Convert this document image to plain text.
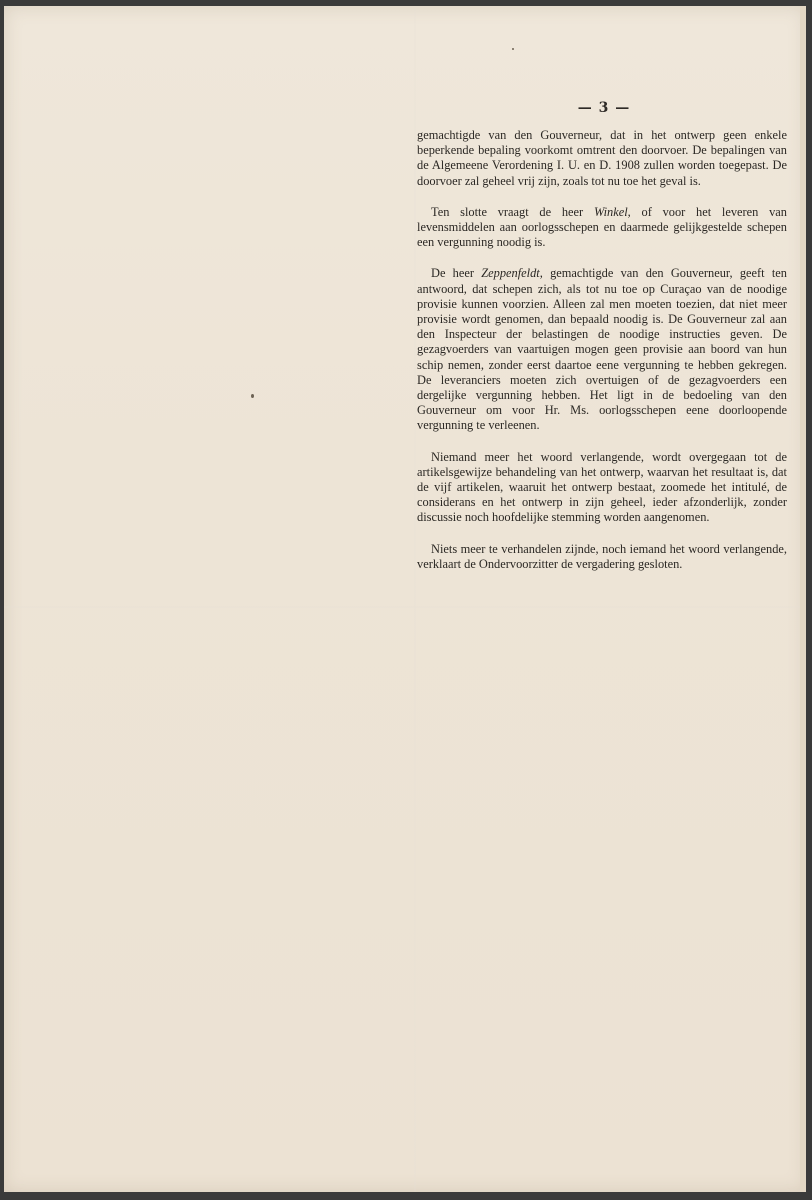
— 3 —

gemachtigde van den Gouverneur, dat in het ontwerp geen enkele beperkende bepaling voorkomt omtrent den doorvoer. De bepalingen van de Algemeene Verordening I. U. en D. 1908 zullen worden toegepast. De doorvoer zal geheel vrij zijn, zoals tot nu toe het geval is.

Ten slotte vraagt de heer Winkel, of voor het leveren van levensmiddelen aan oorlogsschepen en daarmede gelijkgestelde schepen een vergunning noodig is.

De heer Zeppenfeldt, gemachtigde van den Gouverneur, geeft ten antwoord, dat schepen zich, als tot nu toe op Curaçao van de noodige provisie kunnen voorzien. Alleen zal men moeten toezien, dat niet meer provisie wordt genomen, dan bepaald noodig is. De Gouverneur zal aan den Inspecteur der belastingen de noodige instructies geven. De gezagvoerders van vaartuigen mogen geen provisie aan boord van hun schip nemen, zonder eerst daartoe eene vergunning te hebben gekregen. De leveranciers moeten zich overtuigen of de gezagvoerders een dergelijke vergunning hebben. Het ligt in de bedoeling van den Gouverneur om voor Hr. Ms. oorlogsschepen eene doorloopende vergunning te verleenen.

Niemand meer het woord verlangende, wordt overgegaan tot de artikelsgewijze behandeling van het ontwerp, waarvan het resultaat is, dat de vijf artikelen, waaruit het ontwerp bestaat, zoomede het intitulé, de considerans en het ontwerp in zijn geheel, ieder afzonderlijk, zonder discussie noch hoofdelijke stemming worden aangenomen.

Niets meer te verhandelen zijnde, noch iemand het woord verlangende, verklaart de Ondervoorzitter de vergadering gesloten.
